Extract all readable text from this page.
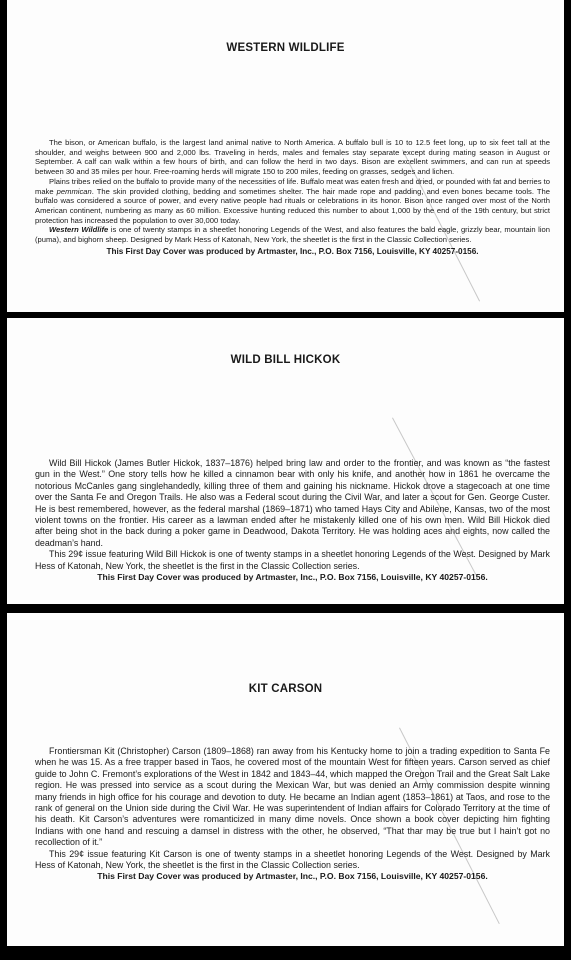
WESTERN WILDLIFE

The bison, or American buffalo, is the largest land animal native to North America. A buffalo bull is 10 to 12.5 feet long, up to six feet tall at the shoulder, and weighs between 900 and 2,000 lbs. Traveling in herds, males and females stay separate except during mating season in August or September. A calf can walk within a few hours of birth, and can follow the herd in two days. Bison are excellent swimmers, and can run at speeds between 30 and 35 miles per hour. Free-roaming herds will migrate 150 to 200 miles, feeding on grasses, sedges and lichen.

Plains tribes relied on the buffalo to provide many of the necessities of life. Buffalo meat was eaten fresh and dried, or pounded with fat and berries to make pemmican. The skin provided clothing, bedding and sometimes shelter. The hair made rope and padding, and even bones became tools. The buffalo was considered a source of power, and every native people had rituals or celebrations in its honor. Bison once ranged over most of the North American continent, numbering as many as 60 million. Excessive hunting reduced this number to about 1,000 by the end of the 19th century, but strict protection has increased the population to over 30,000 today.

Western Wildlife is one of twenty stamps in a sheetlet honoring Legends of the West, and also features the bald eagle, grizzly bear, mountain lion (puma), and bighorn sheep. Designed by Mark Hess of Katonah, New York, the sheetlet is the first in the Classic Collection series.

This First Day Cover was produced by Artmaster, Inc., P.O. Box 7156, Louisville, KY 40257-0156.

WILD BILL HICKOK

Wild Bill Hickok (James Butler Hickok, 1837–1876) helped bring law and order to the frontier, and was known as “the fastest gun in the West.” One story tells how he killed a cinnamon bear with only his knife, and another how in 1861 he overcame the notorious McCanles gang singlehandedly, killing three of them and gaining his nickname. Hickok drove a stagecoach at one time over the Santa Fe and Oregon Trails. He also was a Federal scout during the Civil War, and later a scout for Gen. George Custer. He is best remembered, however, as the federal marshal (1869–1871) who tamed Hays City and Abilene, Kansas, two of the most violent towns on the frontier. His career as a lawman ended after he mistakenly killed one of his own men. Wild Bill Hickok died after being shot in the back during a poker game in Deadwood, Dakota Territory. He was holding aces and eights, now called the deadman’s hand.

This 29¢ issue featuring Wild Bill Hickok is one of twenty stamps in a sheetlet honoring Legends of the West. Designed by Mark Hess of Katonah, New York, the sheetlet is the first in the Classic Collection series.

This First Day Cover was produced by Artmaster, Inc., P.O. Box 7156, Louisville, KY 40257-0156.

KIT CARSON

Frontiersman Kit (Christopher) Carson (1809–1868) ran away from his Kentucky home to join a trading expedition to Santa Fe when he was 15. As a free trapper based in Taos, he covered most of the mountain West for fifteen years. Carson served as chief guide to John C. Fremont’s explorations of the West in 1842 and 1843–44, which mapped the Oregon Trail and the Great Salt Lake region. He was pressed into service as a scout during the Mexican War, but was denied an Army commission despite winning many friends in high office for his courage and devotion to duty. He became an Indian agent (1853–1861) at Taos, and rose to the rank of general on the Union side during the Civil War. He was superintendent of Indian affairs for Colorado Territory at the time of his death. Kit Carson’s adventures were romanticized in many dime novels. Once shown a book cover depicting him fighting Indians with one hand and rescuing a damsel in distress with the other, he observed, “That thar may be true but I hain’t got no recollection of it.”

This 29¢ issue featuring Kit Carson is one of twenty stamps in a sheetlet honoring Legends of the West. Designed by Mark Hess of Katonah, New York, the sheetlet is the first in the Classic Collection series.

This First Day Cover was produced by Artmaster, Inc., P.O. Box 7156, Louisville, KY 40257-0156.
